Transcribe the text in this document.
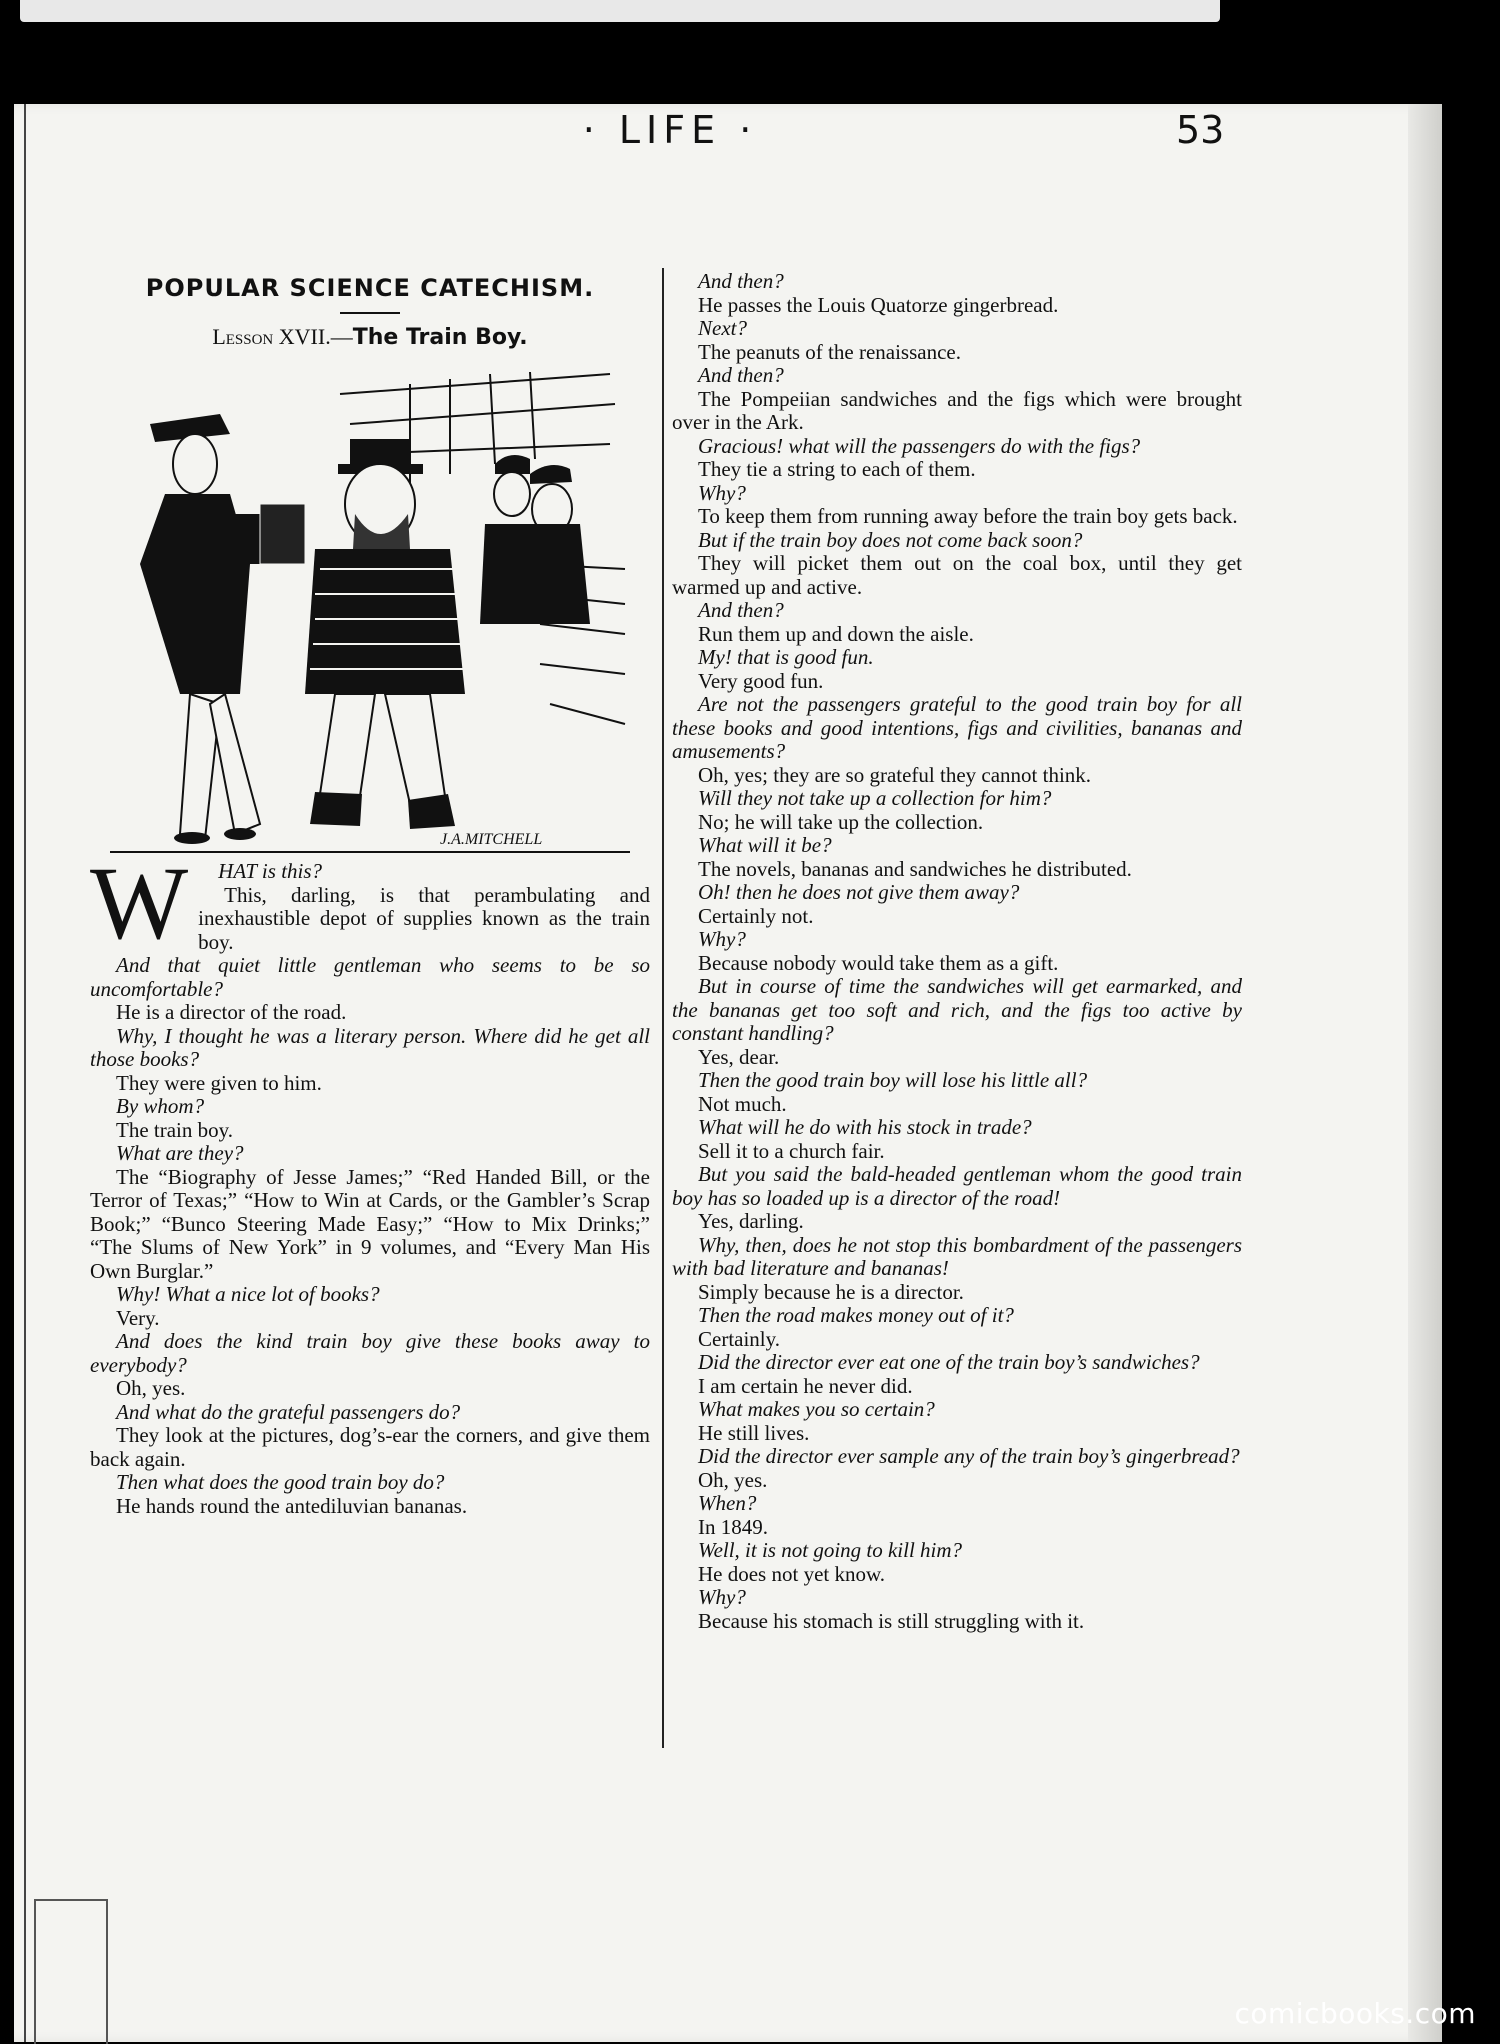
· LIFE ·	53
POPULAR SCIENCE CATECHISM.
Lesson XVII.—The Train Boy.
J.A.MITCHELL
W	HAT is this?

This, darling, is that perambulating and inexhaustible depot of supplies known as the train boy.

And that quiet little gentleman who seems to be so uncomfortable?

He is a director of the road.

Why, I thought he was a literary person. Where did he get all those books?

They were given to him.

By whom?

The train boy.

What are they?

The “Biography of Jesse James;” “Red Handed Bill, or the Terror of Texas;” “How to Win at Cards, or the Gambler’s Scrap Book;” “Bunco Steering Made Easy;” “How to Mix Drinks;” “The Slums of New York” in 9 volumes, and “Every Man His Own Burglar.”

Why! What a nice lot of books?

Very.

And does the kind train boy give these books away to everybody?

Oh, yes.

And what do the grateful passengers do?

They look at the pictures, dog’s-ear the corners, and give them back again.

Then what does the good train boy do?

He hands round the antediluvian bananas.

And then?

He passes the Louis Quatorze gingerbread.

Next?

The peanuts of the renaissance.

And then?

The Pompeiian sandwiches and the figs which were brought over in the Ark.

Gracious! what will the passengers do with the figs?

They tie a string to each of them.

Why?

To keep them from running away before the train boy gets back.

But if the train boy does not come back soon?

They will picket them out on the coal box, until they get warmed up and active.

And then?

Run them up and down the aisle.

My! that is good fun.

Very good fun.

Are not the passengers grateful to the good train boy for all these books and good intentions, figs and civilities, bananas and amusements?

Oh, yes; they are so grateful they cannot think.

Will they not take up a collection for him?

No; he will take up the collection.

What will it be?

The novels, bananas and sandwiches he distributed.

Oh! then he does not give them away?

Certainly not.

Why?

Because nobody would take them as a gift.

But in course of time the sandwiches will get earmarked, and the bananas get too soft and rich, and the figs too active by constant handling?

Yes, dear.

Then the good train boy will lose his little all?

Not much.

What will he do with his stock in trade?

Sell it to a church fair.

But you said the bald-headed gentleman whom the good train boy has so loaded up is a director of the road!

Yes, darling.

Why, then, does he not stop this bombardment of the passengers with bad literature and bananas!

Simply because he is a director.

Then the road makes money out of it?

Certainly.

Did the director ever eat one of the train boy’s sandwiches?

I am certain he never did.

What makes you so certain?

He still lives.

Did the director ever sample any of the train boy’s gingerbread?

Oh, yes.

When?

In 1849.

Well, it is not going to kill him?

He does not yet know.

Why?

Because his stomach is still struggling with it.

comicbooks.com
